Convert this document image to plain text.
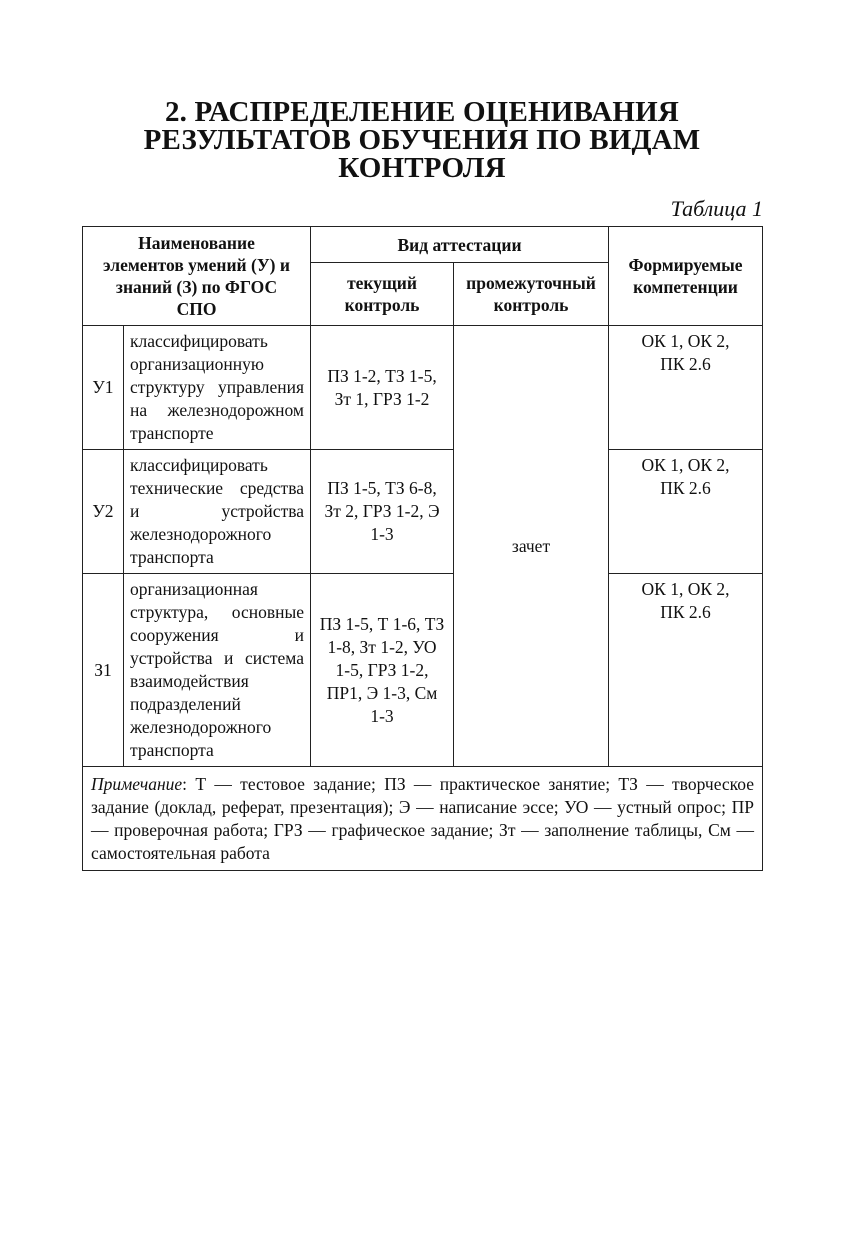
2. РАСПРЕДЕЛЕНИЕ ОЦЕНИВАНИЯ
РЕЗУЛЬТАТОВ ОБУЧЕНИЯ ПО ВИДАМ
КОНТРОЛЯ
Таблица 1
Наименование элементов умений (У) и знаний (З) по ФГОС СПО		Вид аттестации		Формируемые компетенции
		текущий контроль	промежуточный контроль	
У1	классифицировать организационную структуру управления на железнодорожном транспорте	ПЗ 1-2, ТЗ 1-5, Зт 1, ГРЗ 1-2	зачет	ОК 1, ОК 2, ПК 2.6
У2	классифицировать технические средства и устройства железнодорожного транспорта	ПЗ 1-5, ТЗ 6-8, Зт 2, ГРЗ 1-2, Э 1-3		ОК 1, ОК 2, ПК 2.6
З1	организационная структура, основные сооружения и устройства и система взаимодействия подразделений железнодорожного транспорта	ПЗ 1-5, Т 1-6, ТЗ 1-8, Зт 1-2, УО 1-5, ГРЗ 1-2, ПР1, Э 1-3, См 1-3		ОК 1, ОК 2, ПК 2.6
Примечание: Т — тестовое задание; ПЗ — практическое занятие; ТЗ — творческое задание (доклад, реферат, презентация); Э — написание эссе; УО — устный опрос; ПР — проверочная работа; ГРЗ — графическое задание; Зт — заполнение таблицы, См — самостоятельная работа				
